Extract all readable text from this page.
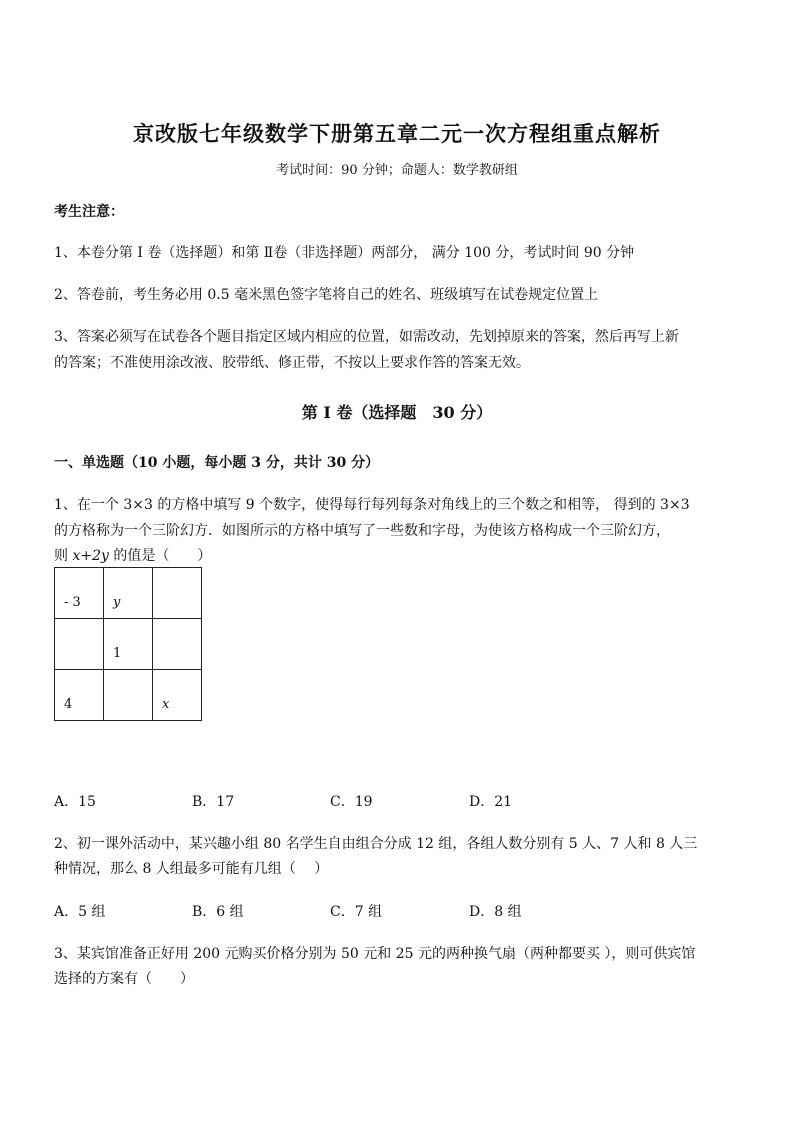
京改版七年级数学下册第五章二元一次方程组重点解析
考试时间：90 分钟；命题人：数学教研组
考生注意：
1、本卷分第 I 卷（选择题）和第 Ⅱ卷（非选择题）两部分， 满分 100 分，考试时间 90 分钟
2、答卷前，考生务必用 0.5 毫米黑色签字笔将自己的姓名、班级填写在试卷规定位置上
3、答案必须写在试卷各个题目指定区域内相应的位置，如需改动，先划掉原来的答案，然后再写上新
的答案；不准使用涂改液、胶带纸、修正带，不按以上要求作答的答案无效。
第 I 卷（选择题　30 分）
一、单选题（10 小题，每小题 3 分，共计 30 分）
1、在一个 3×3 的方格中填写 9 个数字，使得每行每列每条对角线上的三个数之和相等， 得到的 3×3
的方格称为一个三阶幻方．如图所示的方格中填写了一些数和字母，为使该方格构成一个三阶幻方，
则 x+2y 的值是（　　）
- 3	y	
	1	
4		x
A．15	B．17	C．19	D．21
2、初一课外活动中，某兴趣小组 80 名学生自由组合分成 12 组，各组人数分别有 5 人、7 人和 8 人三
种情况，那么 8 人组最多可能有几组（　 ）
A．5 组	B．6 组	C．7 组	D．8 组
3、某宾馆准备正好用 200 元购买价格分别为 50 元和 25 元的两种换气扇（两种都要买 ），则可供宾馆
选择的方案有（　　）
